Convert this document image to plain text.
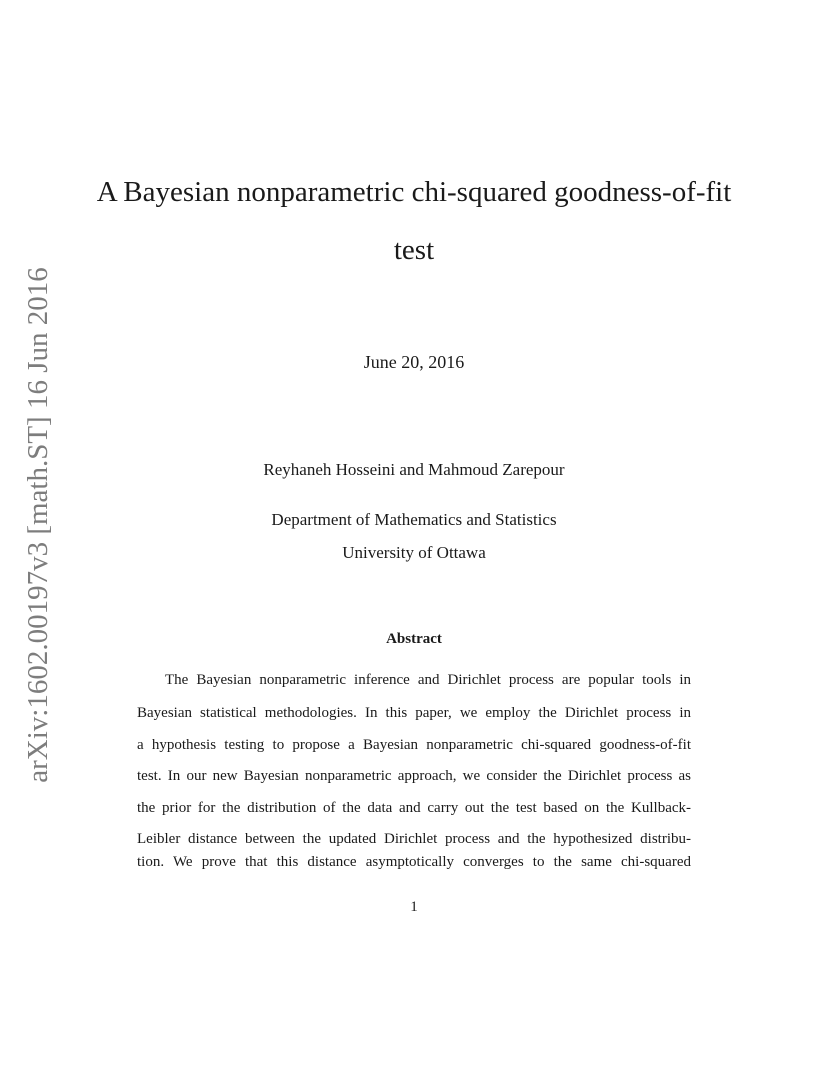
arXiv:1602.00197v3 [math.ST] 16 Jun 2016
A Bayesian nonparametric chi-squared goodness-of-fit
test
June 20, 2016
Reyhaneh Hosseini and Mahmoud Zarepour
Department of Mathematics and Statistics
University of Ottawa
Abstract
The Bayesian nonparametric inference and Dirichlet process are popular tools in
Bayesian statistical methodologies. In this paper, we employ the Dirichlet process in
a hypothesis testing to propose a Bayesian nonparametric chi-squared goodness-of-fit
test. In our new Bayesian nonparametric approach, we consider the Dirichlet process as
the prior for the distribution of the data and carry out the test based on the Kullback-
Leibler distance between the updated Dirichlet process and the hypothesized distribu-
tion. We prove that this distance asymptotically converges to the same chi-squared
1
